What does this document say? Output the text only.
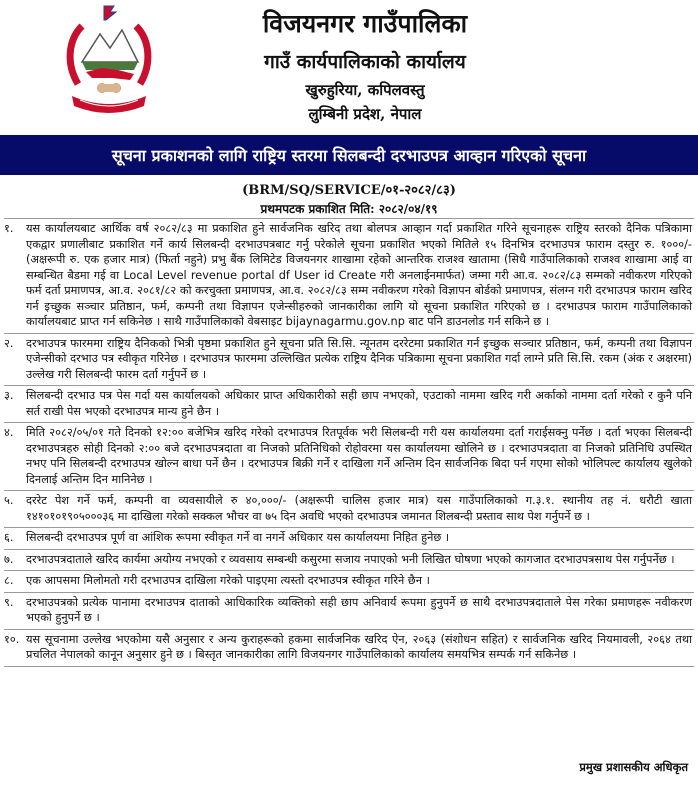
विजयनगर गाउँपालिका
गाउँ कार्यपालिकाको कार्यालय
खुरुहुरिया, कपिलवस्तु
लुम्बिनी प्रदेश, नेपाल
सूचना प्रकाशनको लागि राष्ट्रिय स्तरमा सिलबन्दी दरभाउपत्र आव्हान गरिएको सूचना
(BRM/SQ/SERVICE/०१-२०८२/८३)
प्रथमपटक प्रकाशित मिति: २०८२/०४/१९
१.	यस कार्यालयबाट आर्थिक वर्ष २०८२/८३ मा प्रकाशित हुने सार्वजनिक खरिद तथा बोलपत्र आव्हान गर्दा प्रकाशित गरिने सूचनाहरू राष्ट्रिय स्तरको दैनिक पत्रिकामा एकद्वार प्रणालीबाट प्रकाशित गर्ने कार्य सिलबन्दी दरभाउपत्रबाट गर्नु परेकोले सूचना प्रकाशित भएको मितिले १५ दिनभित्र दरभाउपत्र फाराम दस्तुर रु. १०००/- (अक्षरूपी रु. एक हजार मात्र) (फिर्ता नहुने) प्रभु बैंक लिमिटेड विजयनगर शाखामा रहेको आन्तरिक राजश्व खातामा (सिधै गाउँपालिकाको राजश्व शाखामा आई वा सम्बन्धित बैडमा गई वा Local Level revenue portal df User id Create गरी अनलाईनमार्फत) जम्मा गरी आ.व. २०८२/८३ सम्मको नवीकरण गरिएको फर्म दर्ता प्रमाणपत्र, आ.व. २०८१/८२ को करचुक्ता प्रमाणपत्र, आ.व. २०८२/८३ सम्म नवीकरण गरेको विज्ञापन बोर्डको प्रमाणपत्र, संलग्न गरी दरभाउपत्र फाराम खरिद गर्न इच्छुक सञ्चार प्रतिष्ठान, फर्म, कम्पनी तथा विज्ञापन एजेन्सीहरुको जानकारीका लागि यो सूचना प्रकाशित गरिएको छ । दरभाउपत्र फाराम गाउँपालिकाको कार्यालयबाट प्राप्त गर्न सकिनेछ । साथै गाउँपालिकाको वेबसाइट bijaynagarmu.gov.np बाट पनि डाउनलोड गर्न सकिने छ ।
२.	दरभाउपत्र फारममा राष्ट्रिय दैनिकको भित्री पृष्ठमा प्रकाशित हुने सूचना प्रति सि.सि. न्यूनतम दररेटमा प्रकाशित गर्न इच्छुक सञ्चार प्रतिष्ठान, फर्म, कम्पनी तथा विज्ञापन एजेन्सीको दरभाउ पत्र स्वीकृत गरिनेछ । दरभाउपत्र फारममा उल्लिखित प्रत्येक राष्ट्रिय दैनिक पत्रिकामा सूचना प्रकाशित गर्दा लाग्ने प्रति सि.सि. रकम (अंक र अक्षरमा) उल्लेख गरी सिलबन्दी फारम दर्ता गर्नुपर्ने छ ।
३.	सिलबन्दी दरभाउ पत्र पेस गर्दा यस कार्यालयको अधिकार प्राप्त अधिकारीको सही छाप नभएको, एउटाको नाममा खरिद गरी अर्काको नाममा दर्ता गरेको र कुनै पनि सर्त राखी पेस भएको दरभाउपत्र मान्य हुने छैन ।
४.	मिति २०८२/०५/०१ गते दिनको १२:०० बजेभित्र खरिद गरेको दरभाउपत्र रितपूर्वक भरी सिलबन्दी गरी यस कार्यालयमा दर्ता गराईसक्नु पर्नेछ । दर्ता भएका सिलबन्दी दरभाउपत्रहरु सोही दिनको २:०० बजे दरभाउपत्रदाता वा निजको प्रतिनिधिको रोहोवरमा यस कार्यालयमा खोलिने छ । दरभाउपत्रदाता वा निजको प्रतिनिधि उपस्थित नभए पनि सिलबन्दी दरभाउपत्र खोल्न बाधा पर्ने छैन । दरभाउपत्र बिक्री गर्ने र दाखिला गर्ने अन्तिम दिन सार्वजनिक बिदा पर्न गएमा सोको भोलिपल्ट कार्यालय खुलेको दिनलाई अन्तिम दिन मानिनेछ ।
५.	दररेट पेश गर्ने फर्म, कम्पनी वा व्यवसायीले रु ४०,०००/- (अक्षरूपी चालिस हजार मात्र) यस गाउँपालिकाको ग.३.१. स्थानीय तह नं. धरौटी खाता १४१०१०१९०५०००३६ मा दाखिला गरेको सक्कल भौचर वा ७५ दिन अवधि भएको दरभाउपत्र जमानत शिलबन्दी प्रस्ताव साथ पेश गर्नुपर्ने छ ।
६.	सिलबन्दी दरभाउपत्र पूर्ण वा आंशिक रूपमा स्वीकृत गर्ने वा नगर्ने अधिकार यस कार्यालयमा निहित हुनेछ ।
७.	दरभाउपत्रदाताले खरिद कार्यमा अयोग्य नभएको र व्यवसाय सम्बन्धी कसुरमा सजाय नपाएको भनी लिखित घोषणा भएको कागजात दरभाउपत्रसाथ पेस गर्नुपर्नेछ ।
८.	एक आपसमा मिलोमतो गरी दरभाउपत्र दाखिला गरेको पाइएमा त्यस्तो दरभाउपत्र स्वीकृत गरिने छैन ।
९.	दरभाउपत्रको प्रत्येक पानामा दरभाउपत्र दाताको आधिकारिक व्यक्तिको सही छाप अनिवार्य रूपमा हुनुपर्ने छ साथै दरभाउपत्रदाताले पेस गरेका प्रमाणहरू नवीकरण भएको हुनुपर्ने छ ।
१०. यस सूचनामा उल्लेख भएकोमा यसै अनुसार र अन्य कुराहरूको हकमा सार्वजनिक खरिद ऐन, २०६३ (संशोधन सहित) र सार्वजनिक खरिद नियमावली, २०६४ तथा प्रचलित नेपालको कानून अनुसार हुने छ । बिस्तृत जानकारीका लागि विजयनगर गाउँपालिकाको कार्यालय समयभित्र सम्पर्क गर्न सकिनेछ ।
प्रमुख प्रशासकीय अधिकृत
